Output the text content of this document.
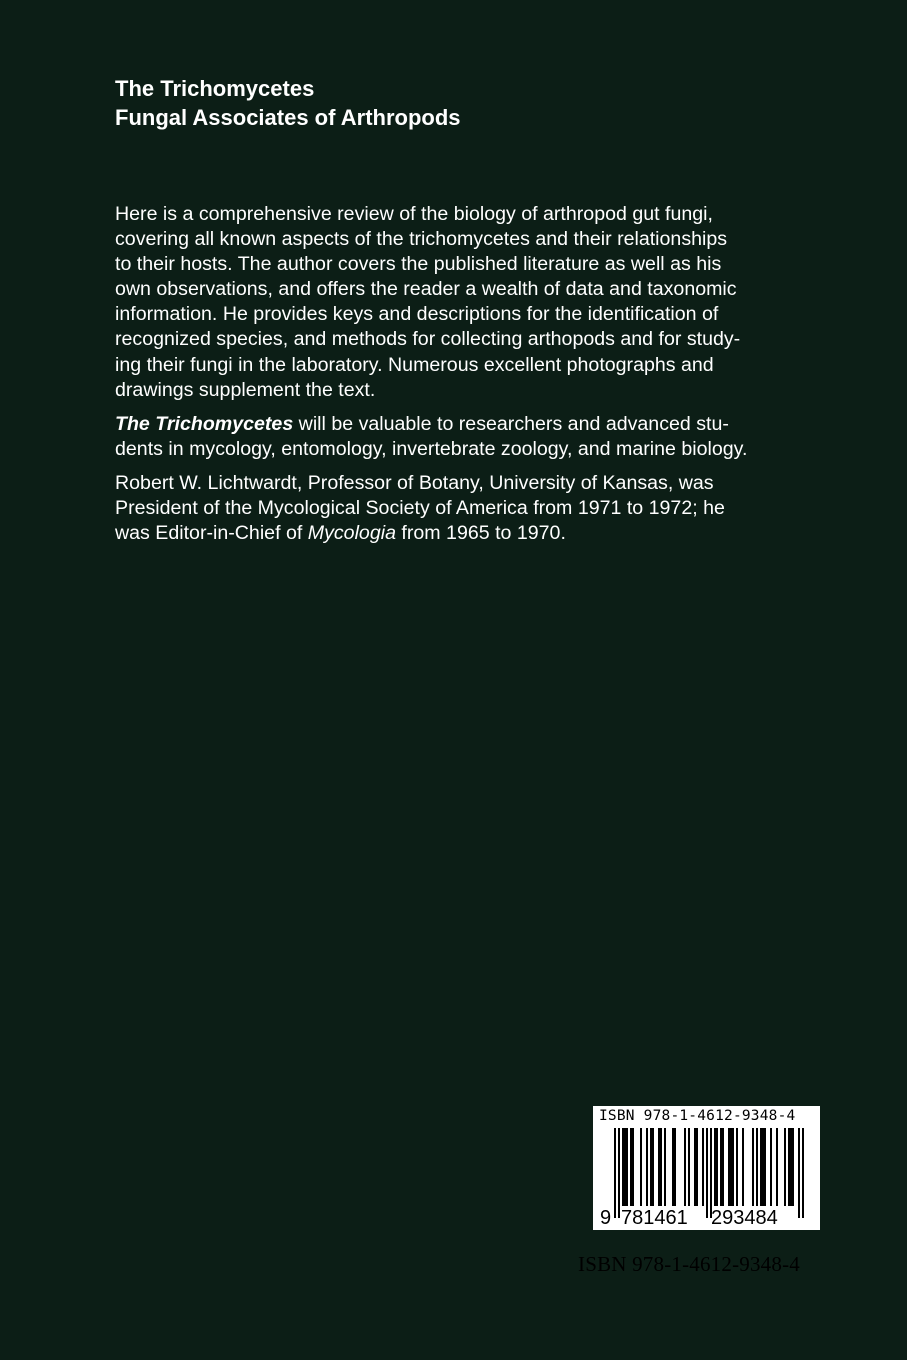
The Trichomycetes

Fungal Associates of Arthropods

Here is a comprehensive review of the biology of arthropod gut fungi,
covering all known aspects of the trichomycetes and their relationships
to their hosts. The author covers the published literature as well as his
own observations, and offers the reader a wealth of data and taxonomic
information. He provides keys and descriptions for the identification of
recognized species, and methods for collecting arthopods and for study-
ing their fungi in the laboratory. Numerous excellent photographs and
drawings supplement the text.

The Trichomycetes will be valuable to researchers and advanced stu-
dents in mycology, entomology, invertebrate zoology, and marine biology.

Robert W. Lichtwardt, Professor of Botany, University of Kansas, was
President of the Mycological Society of America from 1971 to 1972; he
was Editor-in-Chief of Mycologia from 1965 to 1970.

ISBN 978-1-4612-9348-4
9 781461 293484
ISBN 978-1-4612-9348-4
